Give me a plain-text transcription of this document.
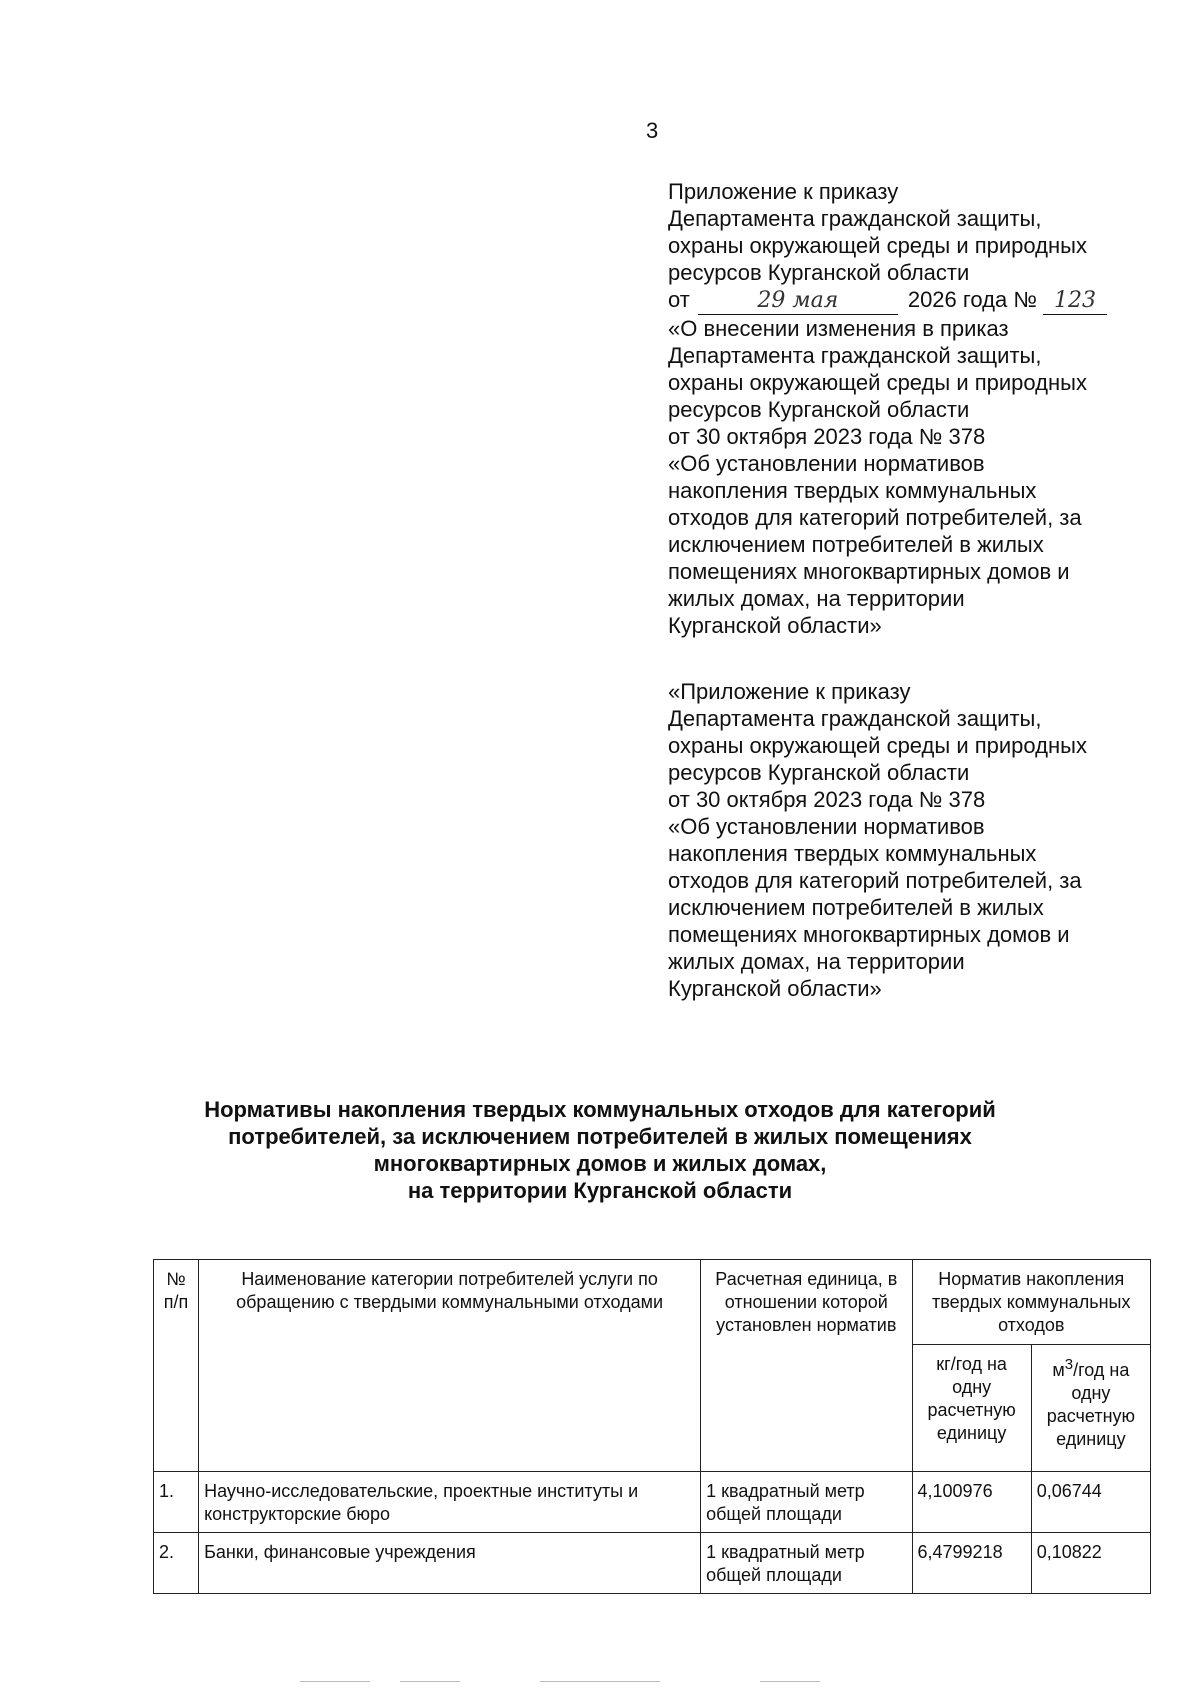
3
Приложение к приказу
Департамента гражданской защиты,
охраны окружающей среды и природных
ресурсов Курганской области
от	29 мая	2026 года № 123
«О внесении изменения в приказ
Департамента гражданской защиты,
охраны окружающей среды и природных
ресурсов Курганской области
от 30 октября 2023 года № 378
«Об установлении нормативов
накопления твердых коммунальных
отходов для категорий потребителей, за
исключением потребителей в жилых
помещениях многоквартирных домов и
жилых домах, на территории
Курганской области»
«Приложение к приказу
Департамента гражданской защиты,
охраны окружающей среды и природных
ресурсов Курганской области
от 30 октября 2023 года № 378
«Об установлении нормативов
накопления твердых коммунальных
отходов для категорий потребителей, за
исключением потребителей в жилых
помещениях многоквартирных домов и
жилых домах, на территории
Курганской области»
Нормативы накопления твердых коммунальных отходов для категорий
потребителей, за исключением потребителей в жилых помещениях
многоквартирных домов и жилых домах,
на территории Курганской области
№ п/п	Наименование категории потребителей услуги по обращению с твердыми коммунальными отходами	Расчетная единица, в отношении которой установлен норматив	Норматив накопления твердых коммунальных отходов	
			кг/год на одну расчетную единицу	$м^3$/год на одну расчетную единицу
1.	Научно-исследовательские, проектные институты и конструкторские бюро	1 квадратный метр общей площади	4,100976	0,06744
2.	Банки, финансовые учреждения	1 квадратный метр общей площади	6,4799218	0,10822
